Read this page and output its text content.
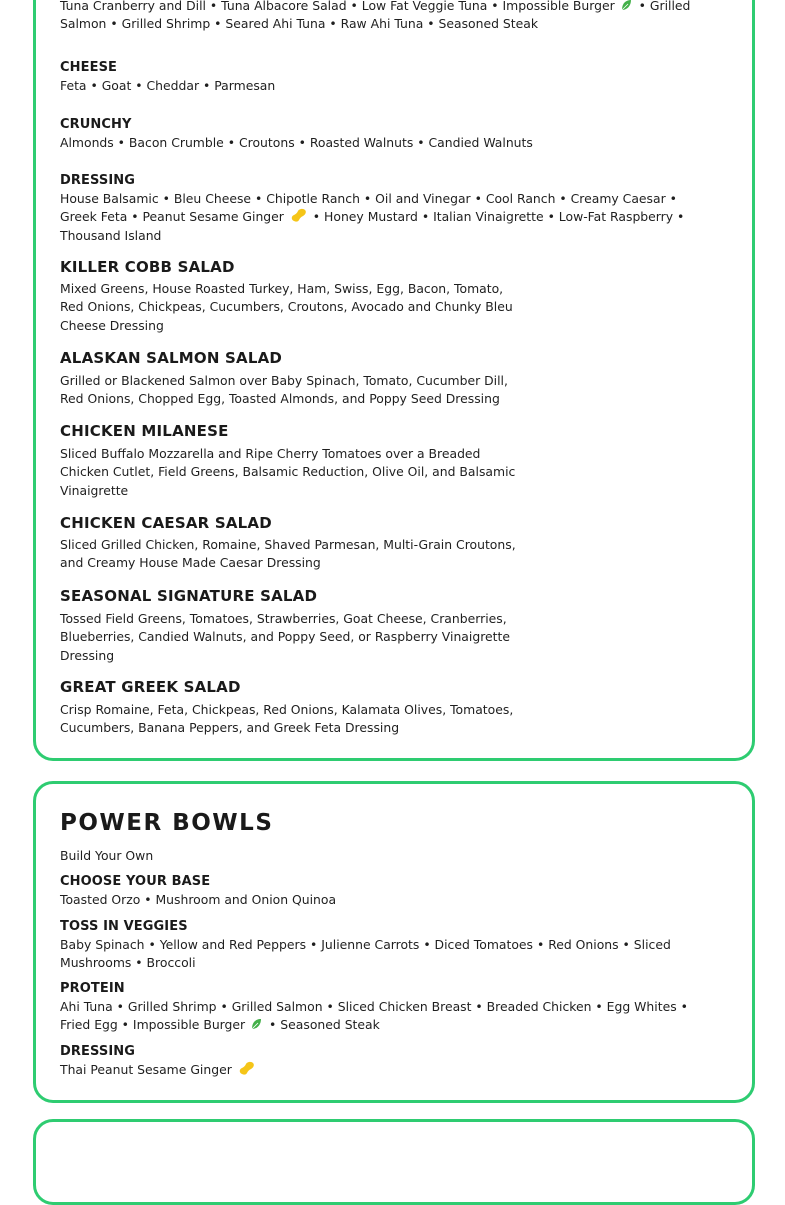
Tuna Cranberry and Dill • Tuna Albacore Salad • Low Fat Veggie Tuna • Impossible Burger • Grilled
Salmon • Grilled Shrimp • Seared Ahi Tuna • Raw Ahi Tuna • Seasoned Steak
CHEESE
Feta • Goat • Cheddar • Parmesan
CRUNCHY
Almonds • Bacon Crumble • Croutons • Roasted Walnuts • Candied Walnuts
DRESSING
House Balsamic • Bleu Cheese • Chipotle Ranch • Oil and Vinegar • Cool Ranch • Creamy Caesar • Greek Feta • Peanut Sesame Ginger • Honey Mustard • Italian Vinaigrette • Low-Fat Raspberry • Thousand Island
KILLER COBB SALAD
Mixed Greens, House Roasted Turkey, Ham, Swiss, Egg, Bacon, Tomato, Red Onions, Chickpeas, Cucumbers, Croutons, Avocado and Chunky Bleu Cheese Dressing
ALASKAN SALMON SALAD
Grilled or Blackened Salmon over Baby Spinach, Tomato, Cucumber Dill, Red Onions, Chopped Egg, Toasted Almonds, and Poppy Seed Dressing
CHICKEN MILANESE
Sliced Buffalo Mozzarella and Ripe Cherry Tomatoes over a Breaded Chicken Cutlet, Field Greens, Balsamic Reduction, Olive Oil, and Balsamic Vinaigrette
CHICKEN CAESAR SALAD
Sliced Grilled Chicken, Romaine, Shaved Parmesan, Multi-Grain Croutons, and Creamy House Made Caesar Dressing
SEASONAL SIGNATURE SALAD
Tossed Field Greens, Tomatoes, Strawberries, Goat Cheese, Cranberries, Blueberries, Candied Walnuts, and Poppy Seed, or Raspberry Vinaigrette Dressing
GREAT GREEK SALAD
Crisp Romaine, Feta, Chickpeas, Red Onions, Kalamata Olives, Tomatoes, Cucumbers, Banana Peppers, and Greek Feta Dressing
POWER BOWLS
Build Your Own
CHOOSE YOUR BASE
Toasted Orzo • Mushroom and Onion Quinoa
TOSS IN VEGGIES
Baby Spinach • Yellow and Red Peppers • Julienne Carrots • Diced Tomatoes • Red Onions • Sliced Mushrooms • Broccoli
PROTEIN
Ahi Tuna • Grilled Shrimp • Grilled Salmon • Sliced Chicken Breast • Breaded Chicken • Egg Whites • Fried Egg • Impossible Burger  • Seasoned Steak
DRESSING
Thai Peanut Sesame Ginger
